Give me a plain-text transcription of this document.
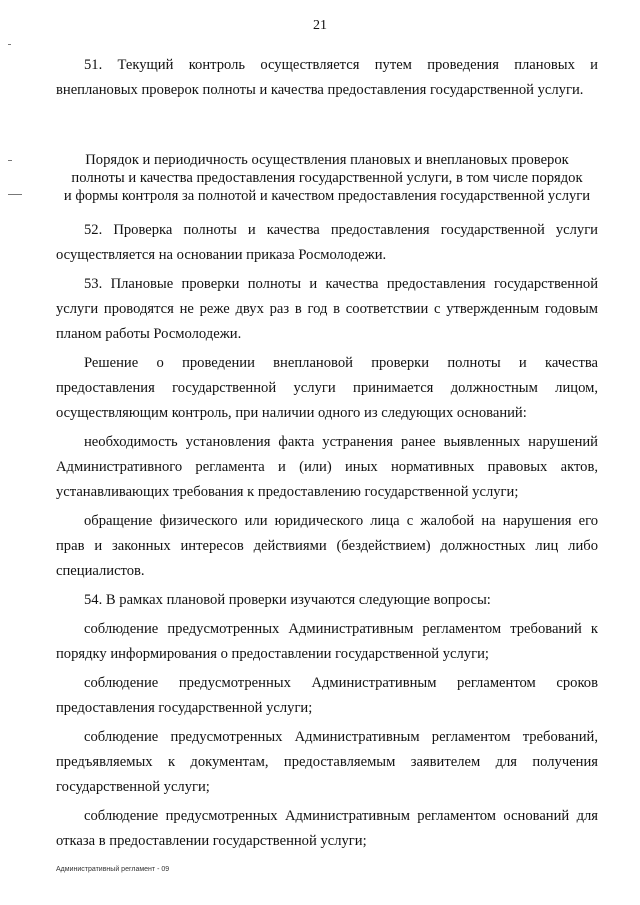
21

51. Текущий контроль осуществляется путем проведения плановых и внеплановых проверок полноты и качества предоставления государственной услуги.

Порядок и периодичность осуществления плановых и внеплановых проверок
полноты и качества предоставления государственной услуги, в том числе порядок
и формы контроля за полнотой и качеством предоставления государственной услуги

52. Проверка полноты и качества предоставления государственной услуги осуществляется на основании приказа Росмолодежи.

53. Плановые проверки полноты и качества предоставления государственной услуги проводятся не реже двух раз в год в соответствии с утвержденным годовым планом работы Росмолодежи.

Решение о проведении внеплановой проверки полноты и качества предоставления государственной услуги принимается должностным лицом, осуществляющим контроль, при наличии одного из следующих оснований:

необходимость установления факта устранения ранее выявленных нарушений Административного регламента и (или) иных нормативных правовых актов, устанавливающих требования к предоставлению государственной услуги;

обращение физического или юридического лица с жалобой на нарушения его прав и законных интересов действиями (бездействием) должностных лиц либо специалистов.

54. В рамках плановой проверки изучаются следующие вопросы:

соблюдение предусмотренных Административным регламентом требований к порядку информирования о предоставлении государственной услуги;

соблюдение предусмотренных Административным регламентом сроков предоставления государственной услуги;

соблюдение предусмотренных Административным регламентом требований, предъявляемых к документам, предоставляемым заявителем для получения государственной услуги;

соблюдение предусмотренных Административным регламентом оснований для отказа в предоставлении государственной услуги;

Административный регламент - 09
